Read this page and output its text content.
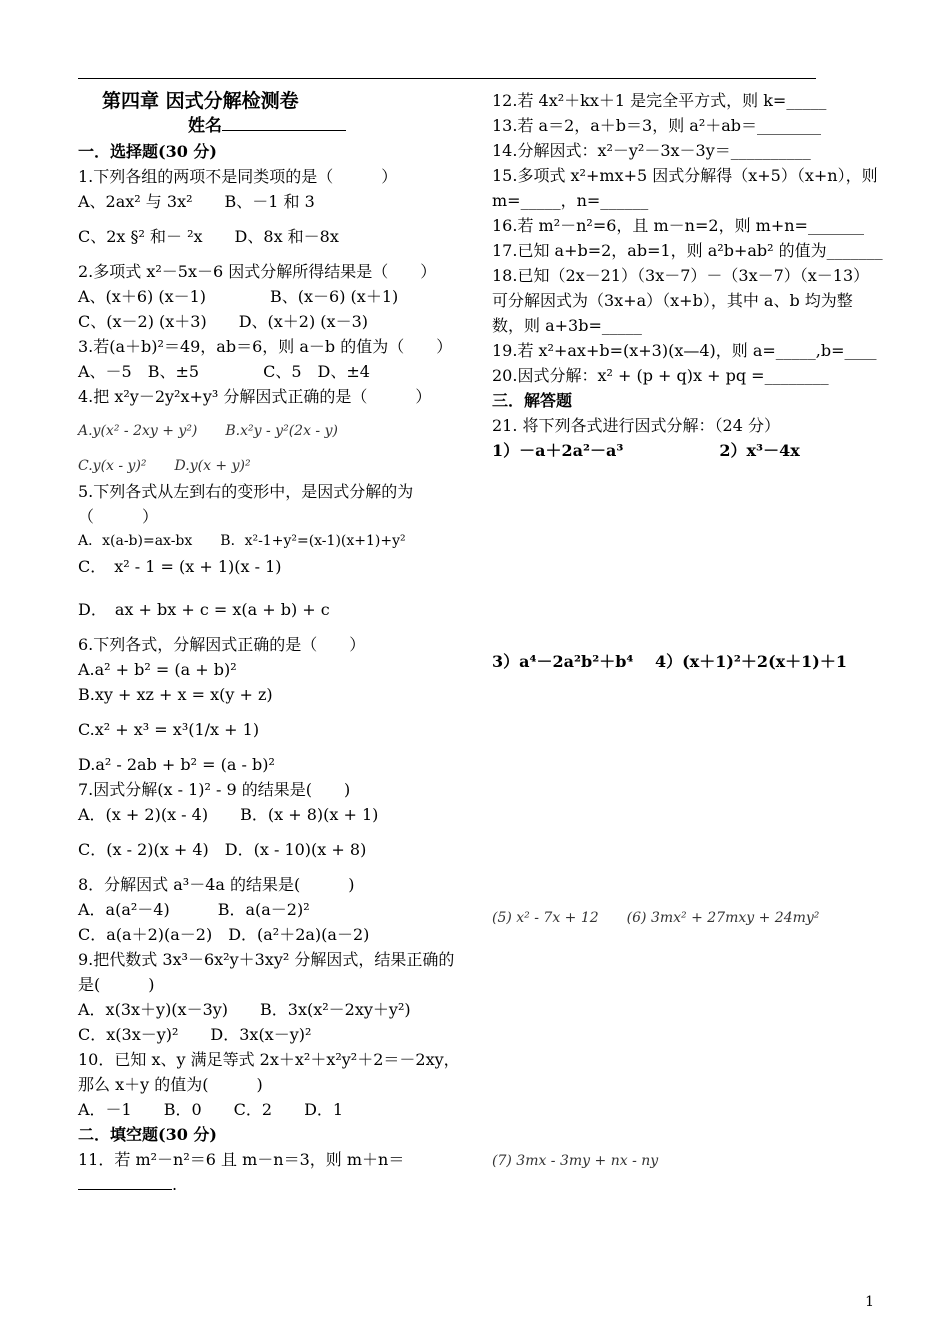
第四章 因式分解检测卷
姓名
一．选择题(30 分)
1.下列各组的两项不是同类项的是（　　　）
A、2ax² 与 3x²　　B、－1 和 3
C、2x §² 和－ ²x　　D、8x 和－8x
2.多项式 x²－5x－6 因式分解所得结果是（　　）
A、(x＋6) (x－1)　　　　B、(x－6) (x＋1)
C、(x－2) (x＋3)　　D、(x＋2) (x－3)
3.若(a＋b)²＝49，ab＝6，则 a－b 的值为（　　）
A、－5　B、±5　　　　C、5　D、±4
4.把 x²y－2y²x+y³ 分解因式正确的是（　　　）
A.y(x² - 2xy + y²)　　B.x²y - y²(2x - y)
C.y(x - y)²　　D.y(x + y)²
5.下列各式从左到右的变形中，是因式分解的为（　　　）
A．x(a-b)=ax-bx　　B．x²-1+y²=(x-1)(x+1)+y²
C．　x² - 1 = (x + 1)(x - 1)
D．　ax + bx + c = x(a + b) + c
6.下列各式，分解因式正确的是（　　）
A.a² + b² = (a + b)²
B.xy + xz + x = x(y + z)
C.x² + x³ = x³(1/x + 1)
D.a² - 2ab + b² = (a - b)²
7.因式分解(x - 1)² - 9 的结果是(　　)
A．(x + 2)(x - 4)　　B．(x + 8)(x + 1)
C．(x - 2)(x + 4)　D．(x - 10)(x + 8)
8．分解因式 a³－4a 的结果是(　　　)
A．a(a²－4)　　　B．a(a－2)²
C．a(a＋2)(a－2)　D．(a²＋2a)(a－2)
9.把代数式 3x³－6x²y＋3xy² 分解因式，结果正确的是(　　　)
A．x(3x＋y)(x－3y)　　B．3x(x²－2xy＋y²)
C．x(3x－y)²　　D．3x(x－y)²
10．已知 x、y 满足等式 2x＋x²＋x²y²＋2＝－2xy，那么 x＋y 的值为(　　　)
A．－1　　B．0　　C．2　　D．1
二．填空题(30 分)
11．若 m²－n²＝6 且 m－n＝3，则 m＋n＝
.
12.若 4x²＋kx＋1 是完全平方式，则 k=_____
13.若 a＝2，a＋b＝3，则 a²＋ab＝________
14.分解因式：x²－y²－3x－3y＝__________
15.多项式 x²+mx+5 因式分解得（x+5）（x+n），则 m=_____，n=______
16.若 m²－n²=6，且 m－n=2，则 m+n=_______
17.已知 a+b=2，ab=1，则 a²b+ab² 的值为_______
18.已知（2x－21）（3x－7）－（3x－7）（x－13）可分解因式为（3x+a）（x+b），其中 a、b 均为整数，则 a+3b=_____
19.若 x²+ax+b=(x+3)(x—4)，则 a=_____,b=____
20.因式分解：x² + (p + q)x + pq =________
三．解答题
21. 将下列各式进行因式分解：（24 分）
1）－a＋2a²－a³　　　　　　2）x³－4x
3）a⁴－2a²b²＋b⁴　 4）(x＋1)²＋2(x＋1)＋1
(5) x² - 7x + 12　　(6) 3mx² + 27mxy + 24my²
(7) 3mx - 3my + nx - ny
1
